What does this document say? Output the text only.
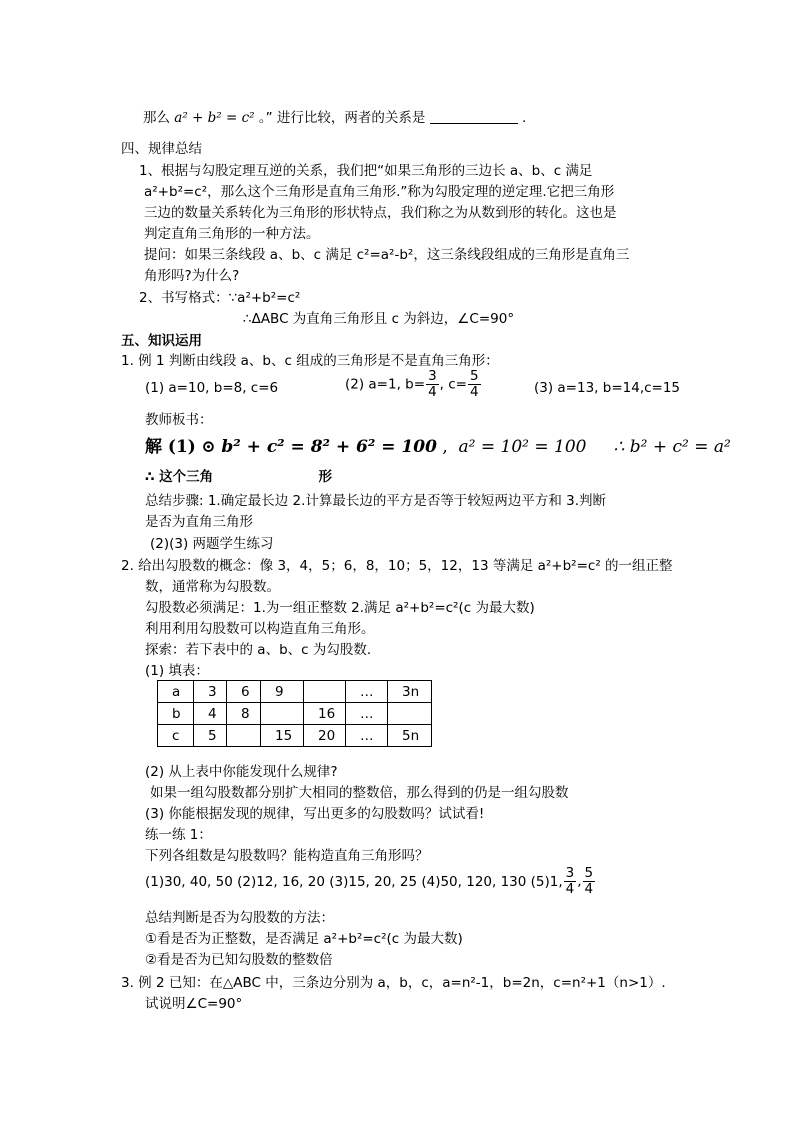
那么 a² + b² = c² 。” 进行比较，两者的关系是	.
四、规律总结
1、根据与勾股定理互逆的关系，我们把“如果三角形的三边长 a、b、c 满足
a²+b²=c²，那么这个三角形是直角三角形.”称为勾股定理的逆定理.它把三角形
三边的数量关系转化为三角形的形状特点，我们称之为从数到形的转化。这也是
判定直角三角形的一种方法。
提问：如果三条线段 a、b、c 满足 c²=a²-b²，这三条线段组成的三角形是直角三
角形吗?为什么?
2、书写格式：∵a²+b²=c²
∴ΔABC 为直角三角形且 c 为斜边，∠C=90°
五、知识运用
1. 例 1 判断由线段 a、b、c 组成的三角形是不是直角三角形：
(1) a=10, b=8, c=6	(2) a=1, $b= \frac{3}{4}$ , $c= \frac{5}{4}$	(3) a=13, b=14,c=15
教师板书：
解 (1) ⊙ b² + c² = 8² + 6² = 100 ,  a² = 10² = 100 ∴ b² + c² = a²
∴ 这个三角	形
总结步骤: 1.确定最长边 2.计算最长边的平方是否等于较短两边平方和 3.判断
是否为直角三角形
(2)(3) 两题学生练习
2. 给出勾股数的概念：像 3，4，5；6，8，10；5，12，13 等满足 a²+b²=c² 的一组正整
数，通常称为勾股数。
勾股数必须满足：1.为一组正整数 2.满足 a²+b²=c²(c 为最大数)
利用利用勾股数可以构造直角三角形。
探索：若下表中的 a、b、c 为勾股数.
(1) 填表：
a	3	6	9		…	3n
b	4	8		16	…	
c	5		15	20	…	5n
(2) 从上表中你能发现什么规律?
如果一组勾股数都分别扩大相同的整数倍，那么得到的仍是一组勾股数
(3) 你能根据发现的规律，写出更多的勾股数吗？试试看!
练一练 1：
下列各组数是勾股数吗？能构造直角三角形吗？
(1)30, 40, 50 (2)12, 16, 20 (3)15, 20, 25 (4)50, 120, 130 (5)1, $\frac{3}{4}$ , $\frac{5}{4}$
总结判断是否为勾股数的方法：
①看是否为正整数，是否满足 a²+b²=c²(c 为最大数)
②看是否为已知勾股数的整数倍
3. 例 2 已知：在△ABC 中，三条边分别为 a，b，c，a=n²-1，b=2n，c=n²+1（n>1）.
试说明∠C=90°
